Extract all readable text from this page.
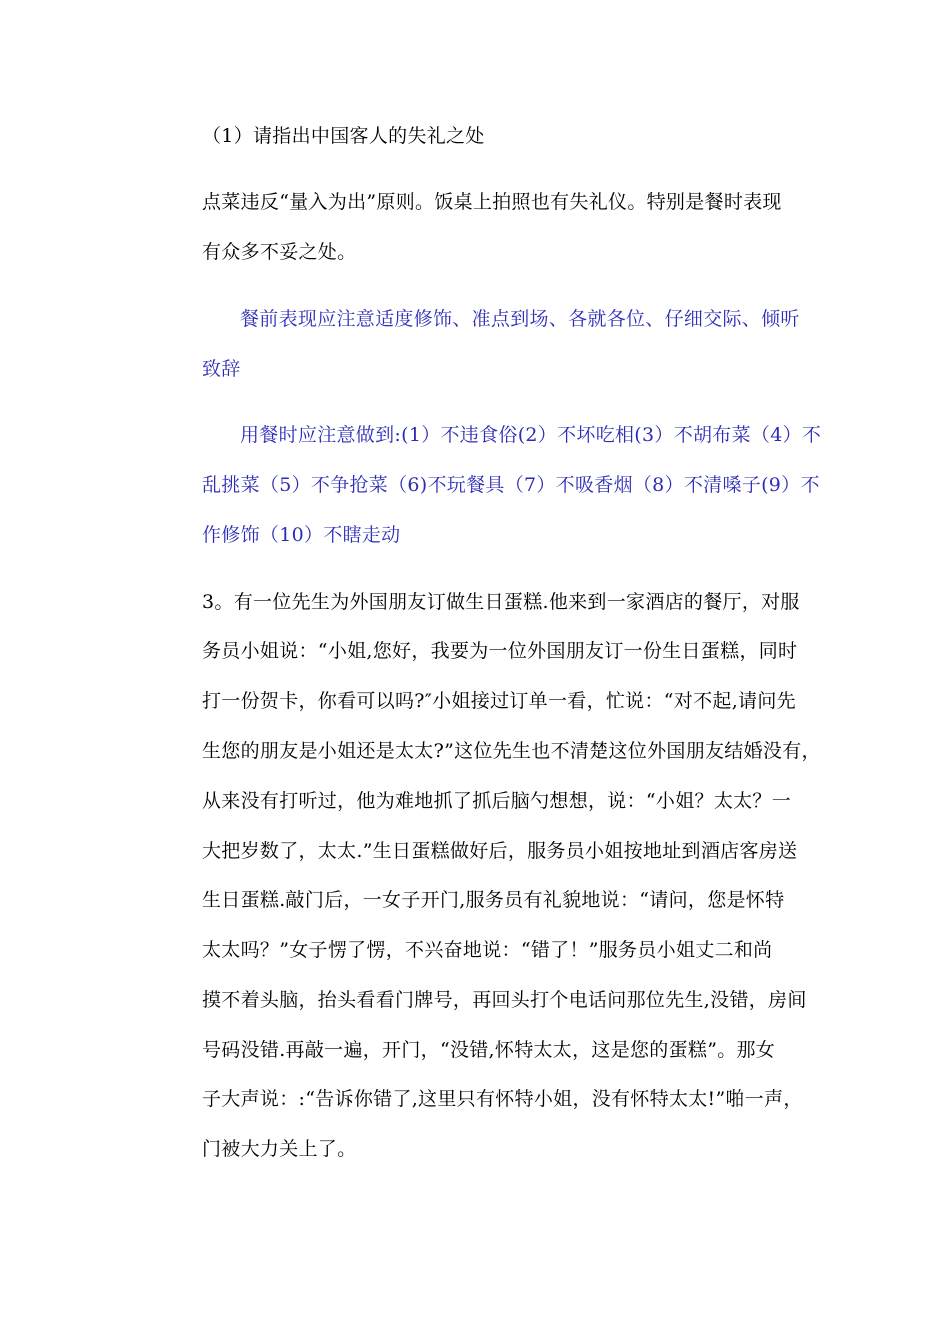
（1）请指出中国客人的失礼之处
点菜违反“量入为出”原则。饭桌上拍照也有失礼仪。特别是餐时表现
有众多不妥之处。
餐前表现应注意适度修饰、准点到场、各就各位、仔细交际、倾听
致辞
用餐时应注意做到:(1）不违食俗(2）不坏吃相(3）不胡布菜（4）不
乱挑菜（5）不争抢菜（6)不玩餐具（7）不吸香烟（8）不清嗓子(9）不
作修饰（10）不瞎走动
3。有一位先生为外国朋友订做生日蛋糕.他来到一家酒店的餐厅，对服
务员小姐说：“小姐,您好，我要为一位外国朋友订一份生日蛋糕，同时
打一份贺卡，你看可以吗?″小姐接过订单一看，忙说：“对不起,请问先
生您的朋友是小姐还是太太?”这位先生也不清楚这位外国朋友结婚没有，
从来没有打听过，他为难地抓了抓后脑勺想想，说：“小姐？太太？一
大把岁数了，太太.”生日蛋糕做好后，服务员小姐按地址到酒店客房送
生日蛋糕.敲门后，一女子开门,服务员有礼貌地说：“请问，您是怀特
太太吗？”女子愣了愣，不兴奋地说：“错了！”服务员小姐丈二和尚
摸不着头脑，抬头看看门牌号，再回头打个电话问那位先生,没错，房间
号码没错.再敲一遍，开门，“没错,怀特太太，这是您的蛋糕”。那女
子大声说：:“告诉你错了,这里只有怀特小姐，没有怀特太太!”啪一声，
门被大力关上了。
